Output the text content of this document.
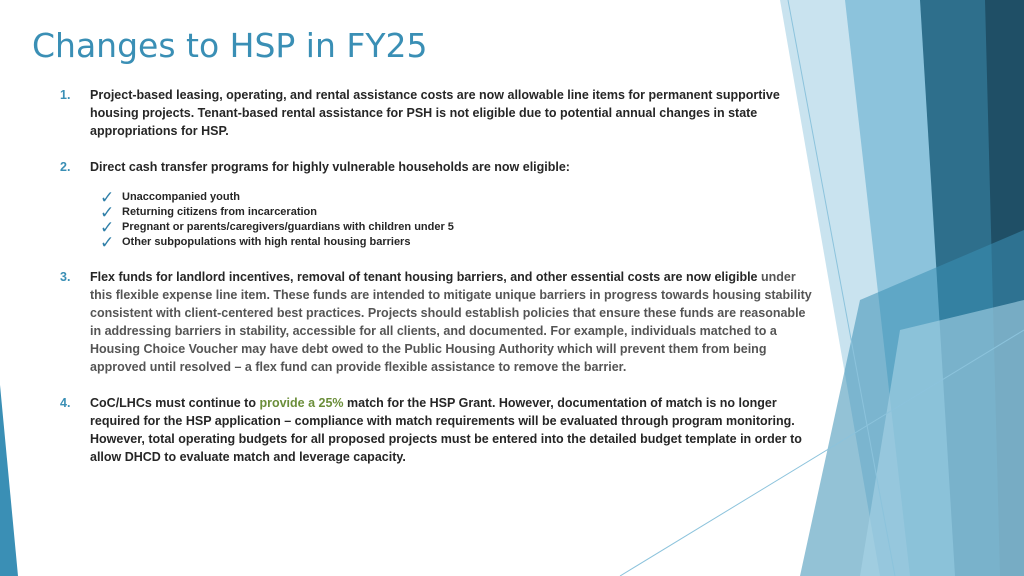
Changes to HSP in FY25
1.	Project-based leasing, operating, and rental assistance costs are now allowable line items for permanent supportive housing projects. Tenant-based rental assistance for PSH is not eligible due to potential annual changes in state appropriations for HSP.
2.	Direct cash transfer programs for highly vulnerable households are now eligible:
✓ Unaccompanied youth
✓ Returning citizens from incarceration
✓ Pregnant or parents/caregivers/guardians with children under 5
✓ Other subpopulations with high rental housing barriers
3.	Flex funds for landlord incentives, removal of tenant housing barriers, and other essential costs are now eligible under this flexible expense line item. These funds are intended to mitigate unique barriers in progress towards housing stability consistent with client-centered best practices. Projects should establish policies that ensure these funds are reasonable in addressing barriers in stability, accessible for all clients, and documented. For example, individuals matched to a Housing Choice Voucher may have debt owed to the Public Housing Authority which will prevent them from being approved until resolved – a flex fund can provide flexible assistance to remove the barrier.
4.	CoC/LHCs must continue to provide a 25% match for the HSP Grant. However, documentation of match is no longer required for the HSP application – compliance with match requirements will be evaluated through program monitoring. However, total operating budgets for all proposed projects must be entered into the detailed budget template in order to allow DHCD to evaluate match and leverage capacity.
